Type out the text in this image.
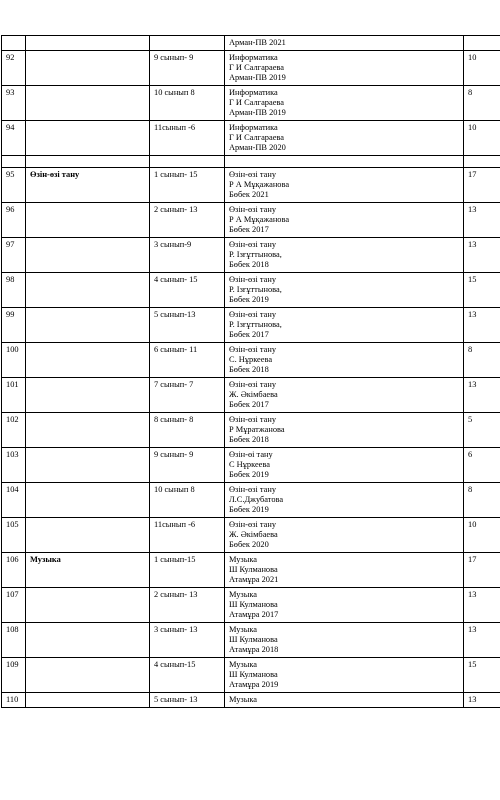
			Арман-ПВ 2021	

92		9 сынып- 9	Информатика
Г И Салгараева
Арман-ПВ 2019	10
93		10 сынып 8	Информатика
Г И Салгараева
Арман-ПВ 2019	8
94		11сынып -6	Информатика
Г И Салгараева
Арман-ПВ 2020	10

95	Өзін-өзі тану	1 сынып- 15	Өзін-өзі тану
Р А Мұқажанова
Бөбек 2021	17
96		2 сынып- 13	Өзін-өзі тану
Р А Мұқажанова
Бөбек 2017	13
97		3 сынып-9	Өзін-өзі тану
Р. Ізғұттынова,
Бөбек 2018	13
98		4 сынып- 15	Өзін-өзі тану
Р. Ізғұттынова,
Бөбек 2019	15
99		5 сынып-13	Өзін-өзі тану
Р. Ізғұттынова,
Бөбек 2017	13
100		6 сынып- 11	Өзін-өзі тану
С. Нұркеева
Бөбек 2018	8
101		7 сынып- 7	Өзін-өзі тану
Ж. Әкімбаева
Бөбек 2017	13
102		8 сынып- 8	Өзін-өзі тану
Р Мұратжанова
Бөбек 2018	5
103		9 сынып- 9	Өзін-өі тану
С Нұркеева
Бөбек 2019	6
104		10 сынып 8	Өзін-өзі тану
Л.С.Джубатова
Бөбек 2019	8
105		11сынып -6	Өзін-өзі тану
Ж. Әкімбаева
Бөбек 2020	10
106	Музыка	1 сынып-15	Музыка
Ш Кулманова
Атамұра 2021	17
107		2 сынып- 13	Музыка
Ш Кулманова
Атамұра 2017	13
108		3 сынып- 13	Музыка
Ш Кулманова
Атамұра 2018	13
109		4 сынып-15	Музыка
Ш Кулманова
Атамұра 2019	15
110		5 сынып- 13	Музыка	13
